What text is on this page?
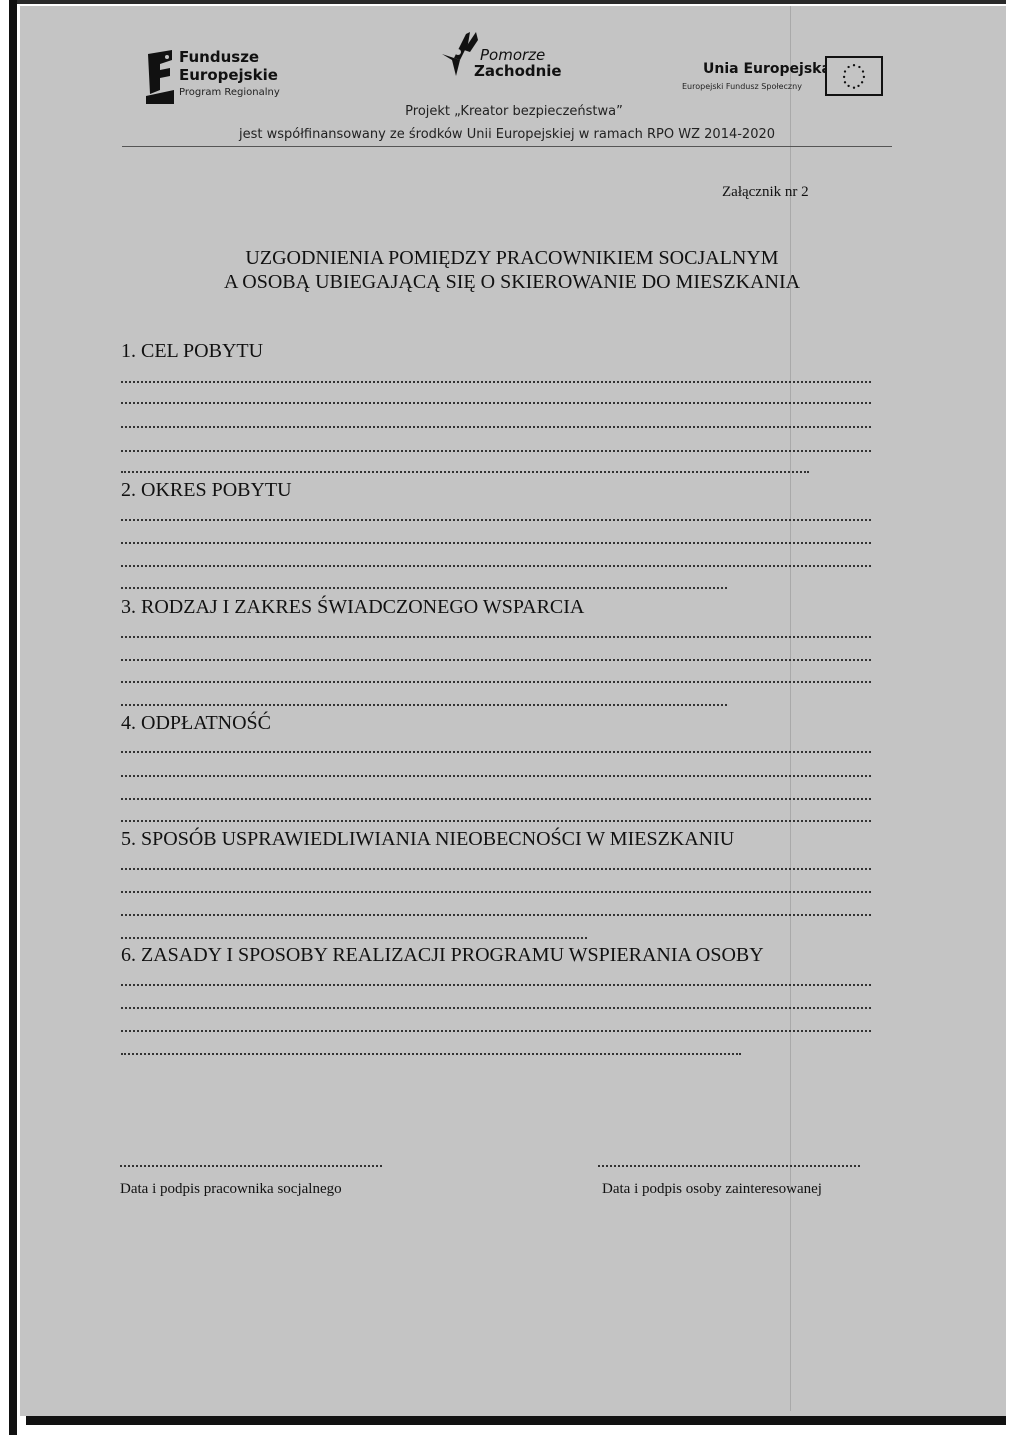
Fundusze
Europejskie
Program Regionalny
Pomorze
Zachodnie	Unia Europejska
Europejski Fundusz Społeczny
Projekt „Kreator bezpieczeństwa”
jest współfinansowany ze środków Unii Europejskiej w ramach RPO WZ 2014-2020
Załącznik nr 2
UZGODNIENIA POMIĘDZY PRACOWNIKIEM SOCJALNYM
A OSOBĄ UBIEGAJĄCĄ SIĘ O SKIEROWANIE DO MIESZKANIA
1. CEL POBYTU
2. OKRES POBYTU
3. RODZAJ I ZAKRES ŚWIADCZONEGO WSPARCIA
4. ODPŁATNOŚĆ
5. SPOSÓB USPRAWIEDLIWIANIA NIEOBECNOŚCI W MIESZKANIU
6. ZASADY I SPOSOBY REALIZACJI PROGRAMU WSPIERANIA OSOBY
Data i podpis pracownika socjalnego	Data i podpis osoby zainteresowanej
